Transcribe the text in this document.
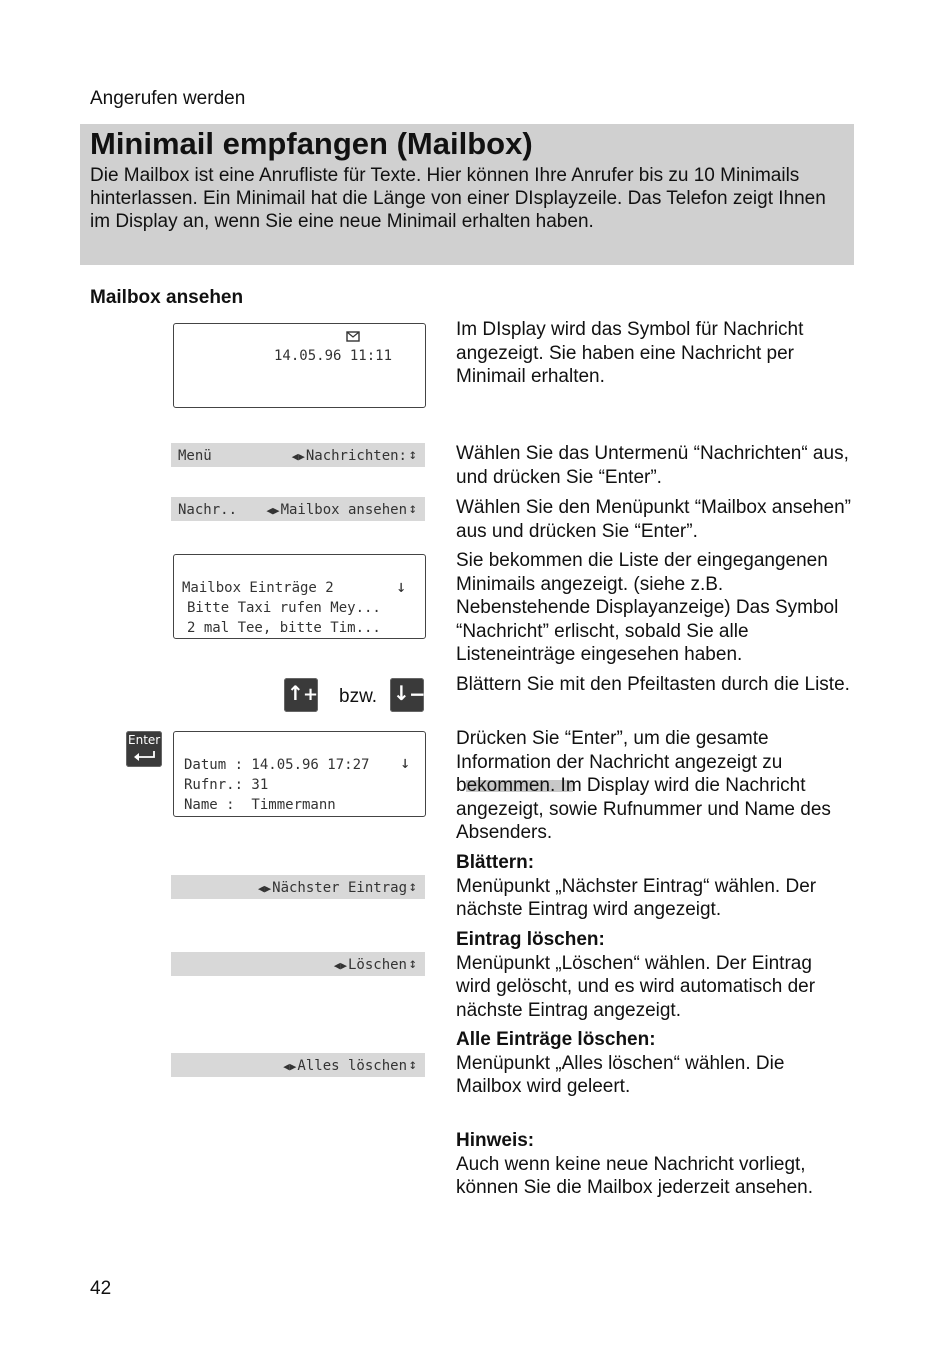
Angerufen werden
Minimail empfangen (Mailbox)
Die Mailbox ist eine Anrufliste für Texte. Hier können Ihre Anrufer bis zu 10 Minimails hinterlassen. Ein Minimail hat die Länge von einer DIsplayzeile. Das Telefon zeigt Ihnen im Display an, wenn Sie eine neue Minimail erhalten haben.
Mailbox ansehen
14.05.96 11:11
Menü	◀▶Nachrichten: ↕
Nachr..	◀▶Mailbox ansehen ↕
Mailbox Einträge 2	↓
Bitte Taxi rufen Mey...
2 mal Tee, bitte Tim...
↑ + bzw. ↓ −
Enter
Datum : 14.05.96 17:27 ↓
Rufnr.: 31
Name :  Timmermann
◀▶Nächster Eintrag ↕
◀▶Löschen ↕
◀▶Alles löschen ↕
Im DIsplay wird das Symbol für Nachricht angezeigt. Sie haben eine Nachricht per Minimail erhalten.
Wählen Sie das Untermenü “Nachrichten“ aus, und drücken Sie “Enter”.
Wählen Sie den Menüpunkt “Mailbox ansehen” aus und drücken Sie “Enter”.
Sie bekommen die Liste der eingegangenen Minimails angezeigt. (siehe z.B. Nebenstehende Displayanzeige) Das Symbol “Nachricht” erlischt, sobald Sie alle Listeneinträge eingesehen haben.
Blättern Sie mit den Pfeiltasten durch die Liste.
Drücken Sie “Enter”, um die gesamte Information der Nachricht angezeigt zu bekommen. Im Display wird die Nachricht angezeigt, sowie Rufnummer und Name des Absenders.
Blättern:
Menüpunkt „Nächster Eintrag“ wählen. Der nächste Eintrag wird angezeigt.
Eintrag löschen:
Menüpunkt „Löschen“ wählen. Der Eintrag wird gelöscht, und es wird automatisch der nächste Eintrag angezeigt.
Alle Einträge löschen:
Menüpunkt „Alles löschen“ wählen. Die Mailbox wird geleert.
Hinweis:
Auch wenn keine neue Nachricht vorliegt, können Sie die Mailbox jederzeit ansehen.
42
